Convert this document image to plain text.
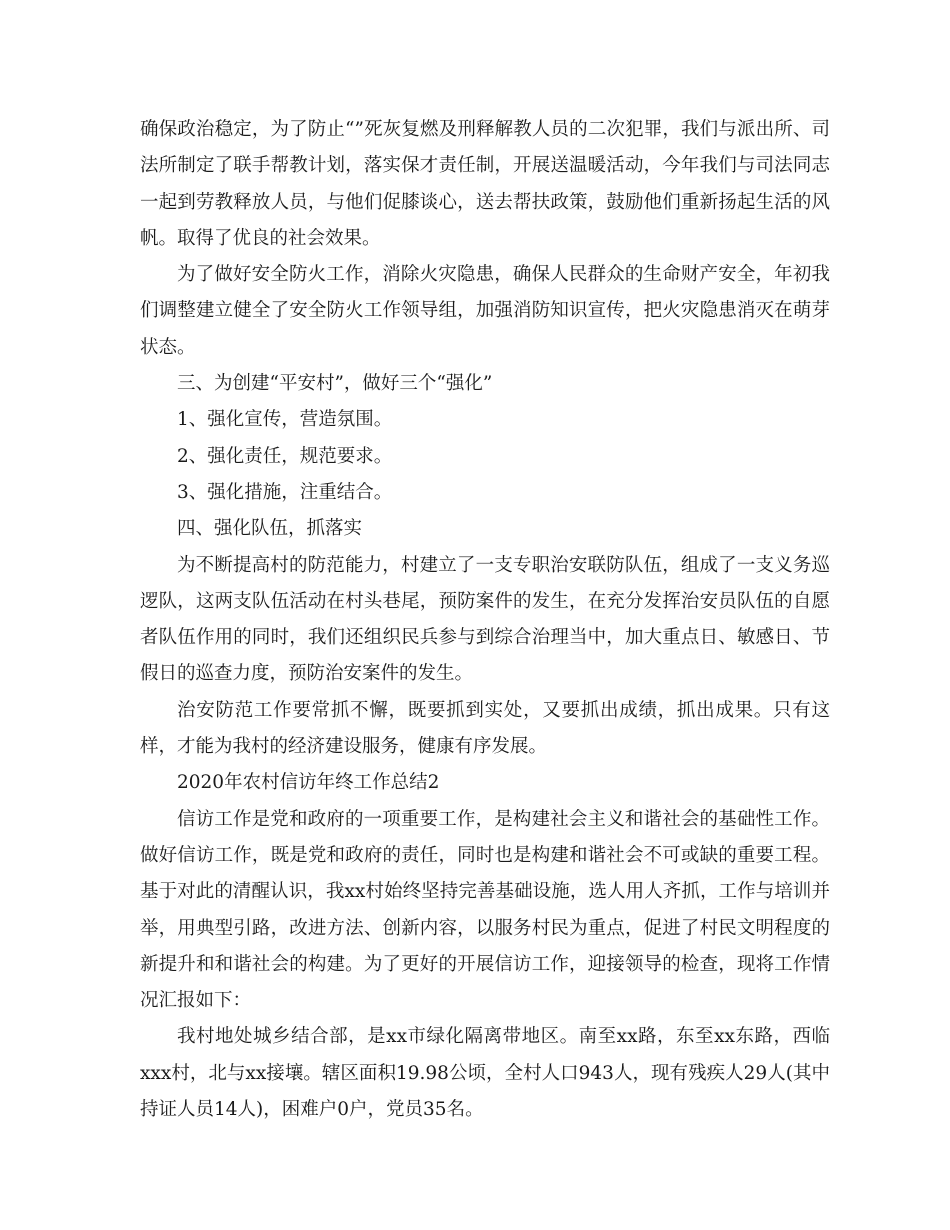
确保政治稳定，为了防止“”死灰复燃及刑释解教人员的二次犯罪，我们与派出所、司法所制定了联手帮教计划，落实保才责任制，开展送温暖活动，今年我们与司法同志一起到劳教释放人员，与他们促膝谈心，送去帮扶政策，鼓励他们重新扬起生活的风帆。取得了优良的社会效果。

为了做好安全防火工作，消除火灾隐患，确保人民群众的生命财产安全，年初我们调整建立健全了安全防火工作领导组，加强消防知识宣传，把火灾隐患消灭在萌芽状态。

三、为创建“平安村”，做好三个“强化”

1、强化宣传，营造氛围。

2、强化责任，规范要求。

3、强化措施，注重结合。

四、强化队伍，抓落实

为不断提高村的防范能力，村建立了一支专职治安联防队伍，组成了一支义务巡逻队，这两支队伍活动在村头巷尾，预防案件的发生，在充分发挥治安员队伍的自愿者队伍作用的同时，我们还组织民兵参与到综合治理当中，加大重点日、敏感日、节假日的巡查力度，预防治安案件的发生。

治安防范工作要常抓不懈，既要抓到实处，又要抓出成绩，抓出成果。只有这样，才能为我村的经济建设服务，健康有序发展。

2020年农村信访年终工作总结2

信访工作是党和政府的一项重要工作，是构建社会主义和谐社会的基础性工作。做好信访工作，既是党和政府的责任，同时也是构建和谐社会不可或缺的重要工程。基于对此的清醒认识，我xx村始终坚持完善基础设施，选人用人齐抓，工作与培训并举，用典型引路，改进方法、创新内容，以服务村民为重点，促进了村民文明程度的新提升和和谐社会的构建。为了更好的开展信访工作，迎接领导的检查，现将工作情况汇报如下：

我村地处城乡结合部，是xx市绿化隔离带地区。南至xx路，东至xx东路，西临xxx村，北与xx接壤。辖区面积19.98公顷，全村人口943人，现有残疾人29人(其中持证人员14人)，困难户0户，党员35名。
